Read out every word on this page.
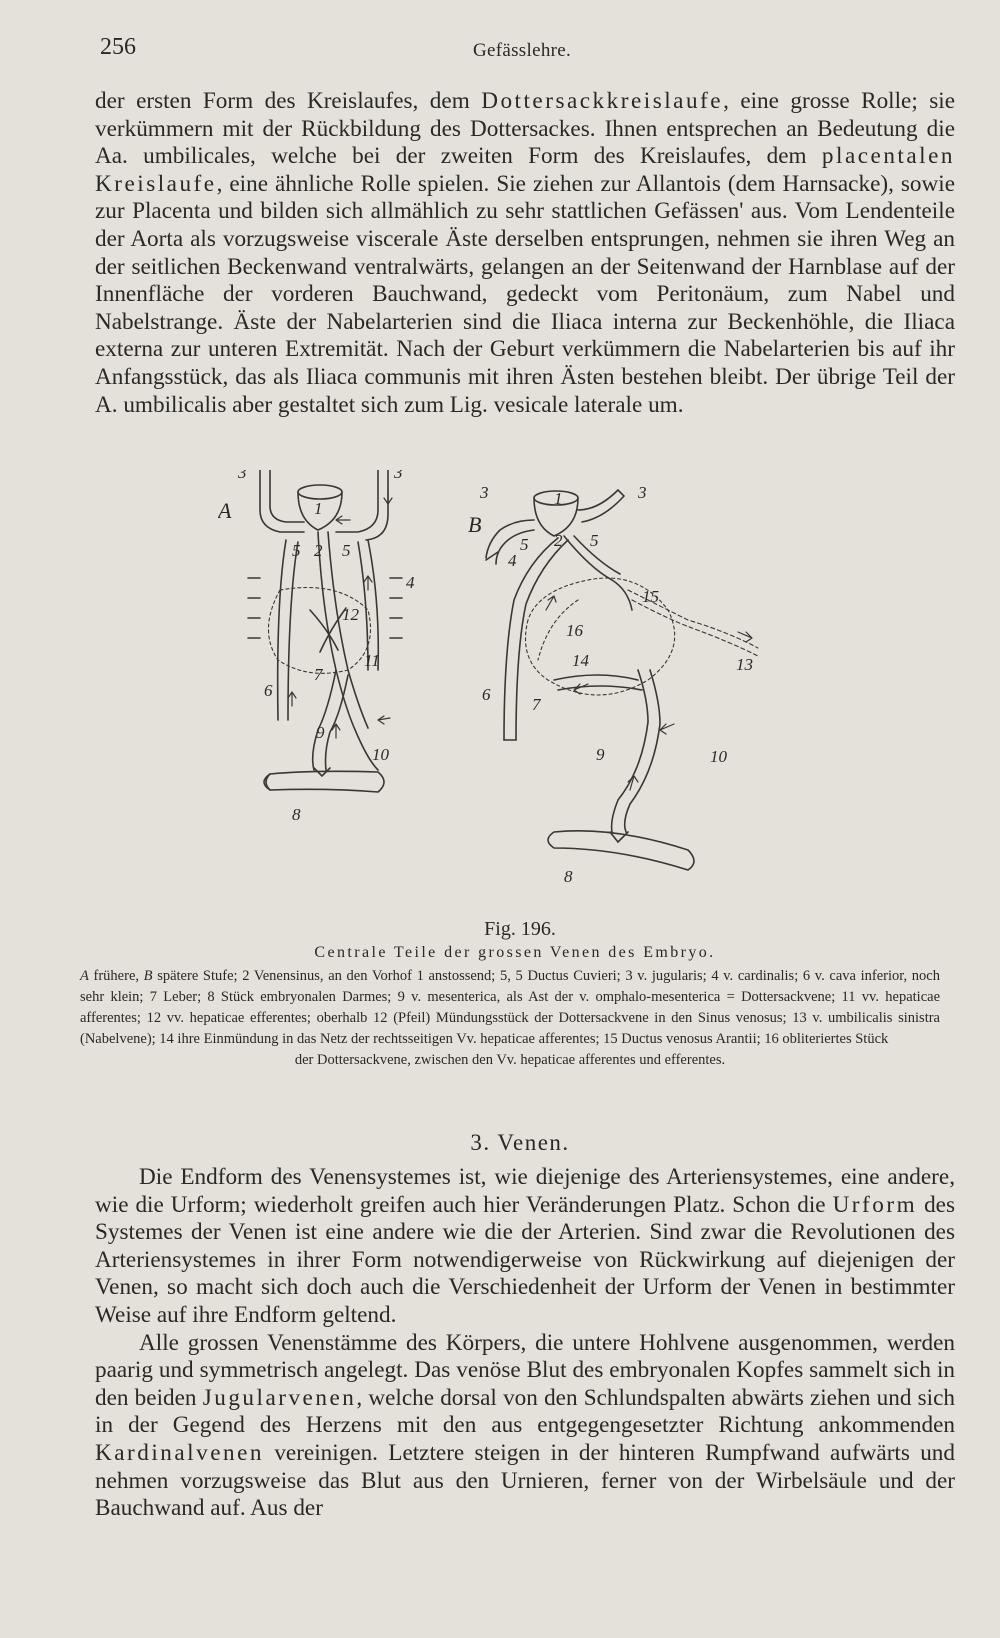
256	Gefässlehre.

der ersten Form des Kreislaufes, dem Dottersackkreislaufe, eine grosse Rolle; sie verkümmern mit der Rückbildung des Dottersackes. Ihnen entsprechen an Bedeutung die Aa. umbilicales, welche bei der zweiten Form des Kreislaufes, dem placentalen Kreislaufe, eine ähnliche Rolle spielen. Sie ziehen zur Allantois (dem Harnsacke), sowie zur Placenta und bilden sich allmählich zu sehr stattlichen Gefässen' aus. Vom Lendenteile der Aorta als vorzugsweise viscerale Äste derselben entsprungen, nehmen sie ihren Weg an der seitlichen Beckenwand ventralwärts, gelangen an der Seitenwand der Harnblase auf der Innenfläche der vorderen Bauchwand, gedeckt vom Peritonäum, zum Nabel und Nabelstrange. Äste der Nabelarterien sind die Iliaca interna zur Beckenhöhle, die Iliaca externa zur unteren Extremität. Nach der Geburt verkümmern die Nabelarterien bis auf ihr Anfangsstück, das als Iliaca communis mit ihren Ästen bestehen bleibt. Der übrige Teil der A. umbilicalis aber gestaltet sich zum Lig. vesicale laterale um.

A
3	3
1
5 2 5
4
12
11
7
6
9
10
8
B
3	1	3
5
4
2 5
15
16
14	13
6
7
9	10
8
Fig. 196.
Centrale Teile der grossen Venen des Embryo.

A frühere, B spätere Stufe; 2 Venensinus, an den Vorhof 1 anstossend; 5, 5 Ductus Cuvieri; 3 v. jugularis; 4 v. cardinalis; 6 v. cava inferior, noch sehr klein; 7 Leber; 8 Stück embryonalen Darmes; 9 v. mesenterica, als Ast der v. omphalo-mesenterica = Dottersackvene; 11 vv. hepaticae afferentes; 12 vv. hepaticae efferentes; oberhalb 12 (Pfeil) Mündungsstück der Dottersackvene in den Sinus venosus; 13 v. umbilicalis sinistra (Nabelvene); 14 ihre Einmündung in das Netz der rechtsseitigen Vv. hepaticae afferentes; 15 Ductus venosus Arantii; 16 obliteriertes Stück

der Dottersackvene, zwischen den Vv. hepaticae afferentes und efferentes.

3. Venen.

Die Endform des Venensystemes ist, wie diejenige des Arteriensystemes, eine andere, wie die Urform; wiederholt greifen auch hier Veränderungen Platz. Schon die Urform des Systemes der Venen ist eine andere wie die der Arterien. Sind zwar die Revolutionen des Arteriensystemes in ihrer Form notwendigerweise von Rückwirkung auf diejenigen der Venen, so macht sich doch auch die Verschiedenheit der Urform der Venen in bestimmter Weise auf ihre Endform geltend.

Alle grossen Venenstämme des Körpers, die untere Hohlvene ausgenommen, werden paarig und symmetrisch angelegt. Das venöse Blut des embryonalen Kopfes sammelt sich in den beiden Jugularvenen, welche dorsal von den Schlundspalten abwärts ziehen und sich in der Gegend des Herzens mit den aus entgegengesetzter Richtung ankommenden Kardinalvenen vereinigen. Letztere steigen in der hinteren Rumpfwand aufwärts und nehmen vorzugsweise das Blut aus den Urnieren, ferner von der Wirbelsäule und der Bauchwand auf. Aus der
